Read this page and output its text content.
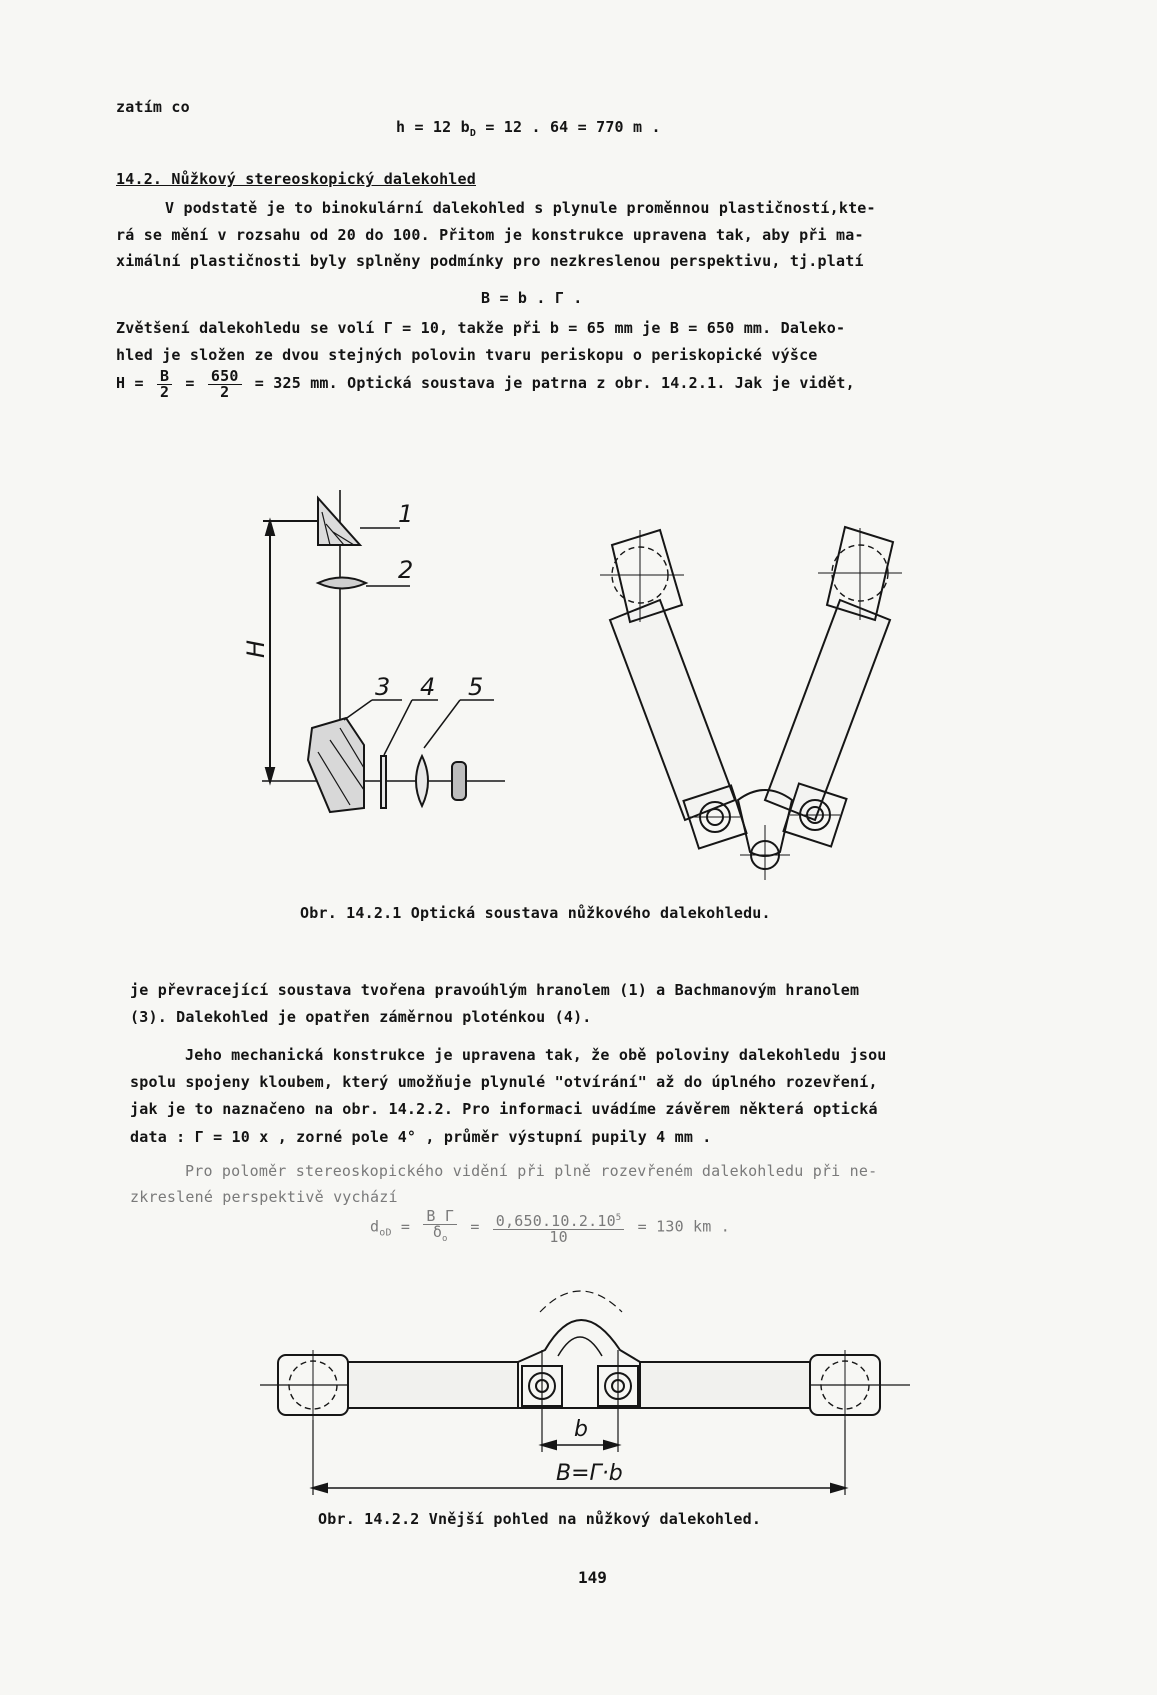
zatím co
h = 12 $b_D = 12$ . 64 = 770 m .
14.2. Nůžkový stereoskopický dalekohled
V podstatě je to binokulární dalekohled s plynule proměnnou plastičností,kte-
rá se mění v rozsahu od 20 do 100. Přitom je konstrukce upravena tak, aby při ma-
ximální plastičnosti byly splněny podmínky pro nezkreslenou perspektivu, tj.platí
B = b . Γ .
Zvětšení dalekohledu se volí Γ = 10, takže při b = 65 mm je B = 650 mm. Daleko-
hled je složen ze dvou stejných polovin tvaru periskopu o periskopické výšce
$H = \frac{B}{2} = \frac{650}{2} = 325$ mm. Optická soustava je patrna z obr. 14.2.1. Jak je vidět,
1
2
3 4 5
H
Obr. 14.2.1 Optická soustava nůžkového dalekohledu.
je převracející soustava tvořena pravoúhlým hranolem (1) a Bachmanovým hranolem
(3). Dalekohled je opatřen záměrnou ploténkou (4).
Jeho mechanická konstrukce je upravena tak, že obě poloviny dalekohledu jsou
spolu spojeny kloubem, který umožňuje plynulé "otvírání" až do úplného rozevření,
jak je to naznačeno na obr. 14.2.2. Pro informaci uvádíme závěrem některá optická
data : Γ = 10 x , zorné pole 4° , průměr výstupní pupily 4 mm .
Pro poloměr stereoskopického vidění při plně rozevřeném dalekohledu při ne-
zkreslené perspektivě vychází
$d_{oD} = \frac{\text{B Γ}}{\delta_o} = \frac{0,650.10.2.10^5}{10} = 130$ km .
b
B=Γ·b
Obr. 14.2.2 Vnější pohled na nůžkový dalekohled.
149
